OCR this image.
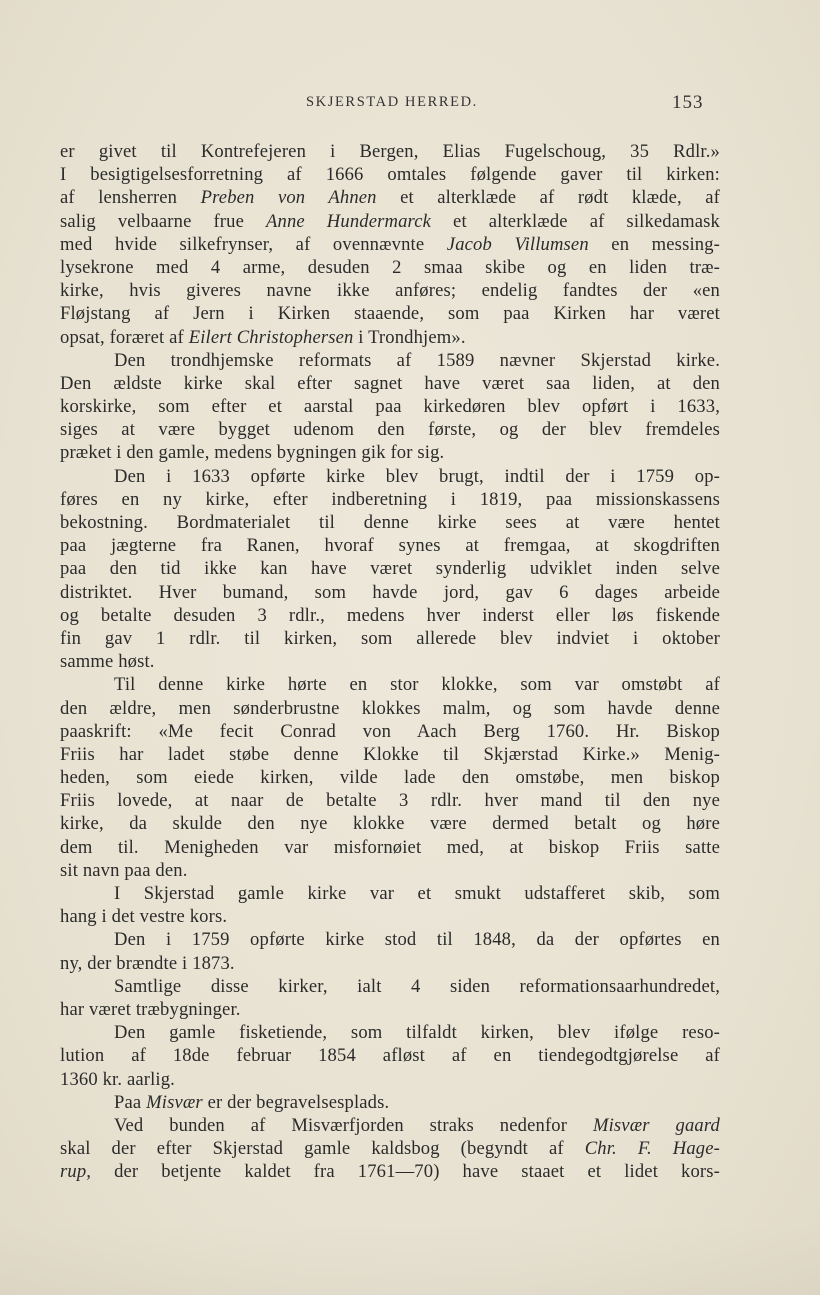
SKJERSTAD HERRED.	153
er givet til Kontrefejeren i Bergen, Elias Fugelschoug, 35 Rdlr.»
I besigtigelsesforretning af 1666 omtales følgende gaver til kirken:
af lensherren Preben von Ahnen et alterklæde af rødt klæde, af
salig velbaarne frue Anne Hundermarck et alterklæde af silkedamask
med hvide silkefrynser, af ovennævnte Jacob Villumsen en messing-
lysekrone med 4 arme, desuden 2 smaa skibe og en liden træ-
kirke, hvis giveres navne ikke anføres; endelig fandtes der «en
Fløjstang af Jern i Kirken staaende, som paa Kirken har været
opsat, foræret af Eilert Christophersen i Trondhjem».
Den trondhjemske reformats af 1589 nævner Skjerstad kirke.
Den ældste kirke skal efter sagnet have været saa liden, at den
korskirke, som efter et aarstal paa kirkedøren blev opført i 1633,
siges at være bygget udenom den første, og der blev fremdeles
præket i den gamle, medens bygningen gik for sig.
Den i 1633 opførte kirke blev brugt, indtil der i 1759 op-
føres en ny kirke, efter indberetning i 1819, paa missionskassens
bekostning. Bordmaterialet til denne kirke sees at være hentet
paa jægterne fra Ranen, hvoraf synes at fremgaa, at skogdriften
paa den tid ikke kan have været synderlig udviklet inden selve
distriktet. Hver bumand, som havde jord, gav 6 dages arbeide
og betalte desuden 3 rdlr., medens hver inderst eller løs fiskende
fin gav 1 rdlr. til kirken, som allerede blev indviet i oktober
samme høst.
Til denne kirke hørte en stor klokke, som var omstøbt af
den ældre, men sønderbrustne klokkes malm, og som havde denne
paaskrift: «Me fecit Conrad von Aach Berg 1760. Hr. Biskop
Friis har ladet støbe denne Klokke til Skjærstad Kirke.» Menig-
heden, som eiede kirken, vilde lade den omstøbe, men biskop
Friis lovede, at naar de betalte 3 rdlr. hver mand til den nye
kirke, da skulde den nye klokke være dermed betalt og høre
dem til. Menigheden var misfornøiet med, at biskop Friis satte
sit navn paa den.
I Skjerstad gamle kirke var et smukt udstafferet skib, som
hang i det vestre kors.
Den i 1759 opførte kirke stod til 1848, da der opførtes en
ny, der brændte i 1873.
Samtlige disse kirker, ialt 4 siden reformationsaarhundredet,
har været træbygninger.
Den gamle fisketiende, som tilfaldt kirken, blev ifølge reso-
lution af 18de februar 1854 afløst af en tiendegodtgjørelse af
1360 kr. aarlig.
Paa Misvær er der begravelsesplads.
Ved bunden af Misværfjorden straks nedenfor Misvær gaard
skal der efter Skjerstad gamle kaldsbog (begyndt af Chr. F. Hage-
rup, der betjente kaldet fra 1761—70) have staaet et lidet kors-
